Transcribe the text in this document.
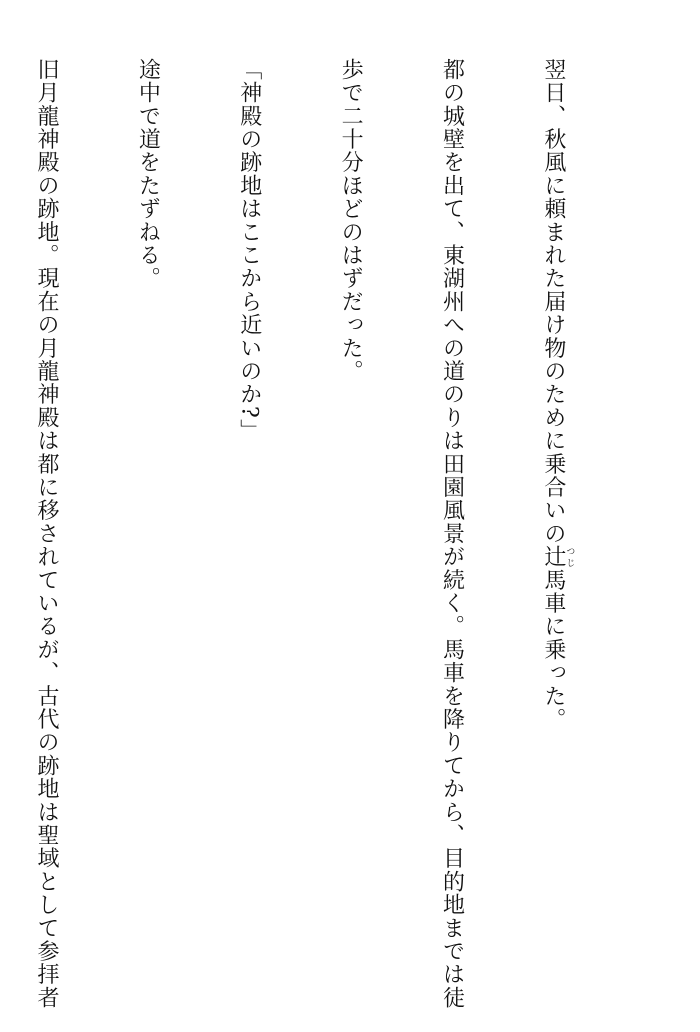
翌日、秋風に頼まれた届け物のために乗合いの辻つじ馬車に乗った。

都の城壁を出て、東湖州への道のりは田園風景が続く。馬車を降りてから、目的地までは徒

歩で二十分ほどのはずだった。

「神殿の跡地はここから近いのか?」

途中で道をたずねる。

旧月龍神殿の跡地。現在の月龍神殿は都に移されているが、古代の跡地は聖域として参拝者
